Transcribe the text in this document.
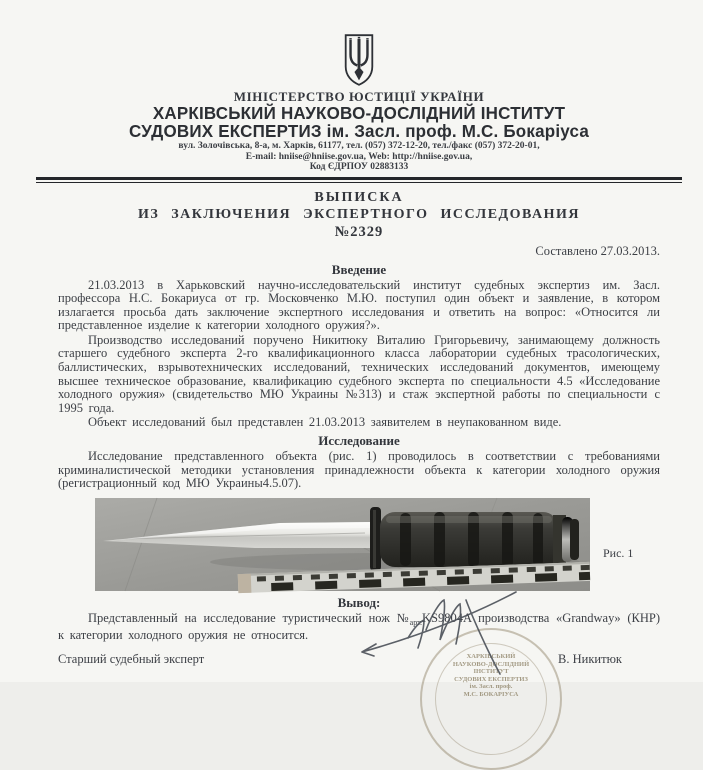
МІНІСТЕРСТВО ЮСТИЦІЇ УКРАЇНИ
ХАРКІВСЬКИЙ НАУКОВО-ДОСЛІДНИЙ ІНСТИТУТ
СУДОВИХ ЕКСПЕРТИЗ ім. Засл. проф. М.С. Бокаріуса
вул. Золочівська, 8-а, м. Харків, 61177, тел. (057) 372-12-20, тел./факс (057) 372-20-01,
E-mail: hniise@hniise.gov.ua, Web: http://hniise.gov.ua,
Код ЄДРПОУ 02883133
ВЫПИСКА
ИЗ ЗАКЛЮЧЕНИЯ ЭКСПЕРТНОГО ИССЛЕДОВАНИЯ
№2329
Составлено 27.03.2013.
Введение

21.03.2013 в Харьковский научно-исследовательский институт судебных экспертиз им. Засл. профессора Н.С. Бокариуса от гр. Московченко М.Ю. поступил один объект и заявление, в котором излагается просьба дать заключение экспертного исследования и ответить на вопрос: «Относится ли представленное изделие к категории холодного оружия?».

Производство исследований поручено Никитюку Виталию Григорьевичу, занимающему должность старшего судебного эксперта 2-го квалификационного класса лаборатории судебных трасологических, баллистических, взрывотехнических исследований, технических исследований документов, имеющему высшее техническое образование, квалификацию судебного эксперта по специальности 4.5 «Исследование холодного оружия» (свидетельство МЮ Украины №313) и стаж экспертной работы по специальности с 1995 года.

Объект исследований был представлен 21.03.2013 заявителем в неупакованном виде.

Исследование

Исследование представленного объекта (рис. 1) проводилось в соответствии с требованиями криминалистической методики установления принадлежности объекта к категории холодного оружия (регистрационный код МЮ Украины4.5.07).

Рис. 1
Вывод:

Представленный на исследование туристический нож $№_{арт.}KS9804A$ производства «Grandway» (КНР) к категории холодного оружия не относится.

Старший судебный эксперт	В. Никитюк
ХАРКІВСЬКИЙ
НАУКОВО-ДОСЛІДНИЙ
ІНСТИТУТ
СУДОВИХ ЕКСПЕРТИЗ
ім. Засл. проф.
М.С. БОКАРІУСА
